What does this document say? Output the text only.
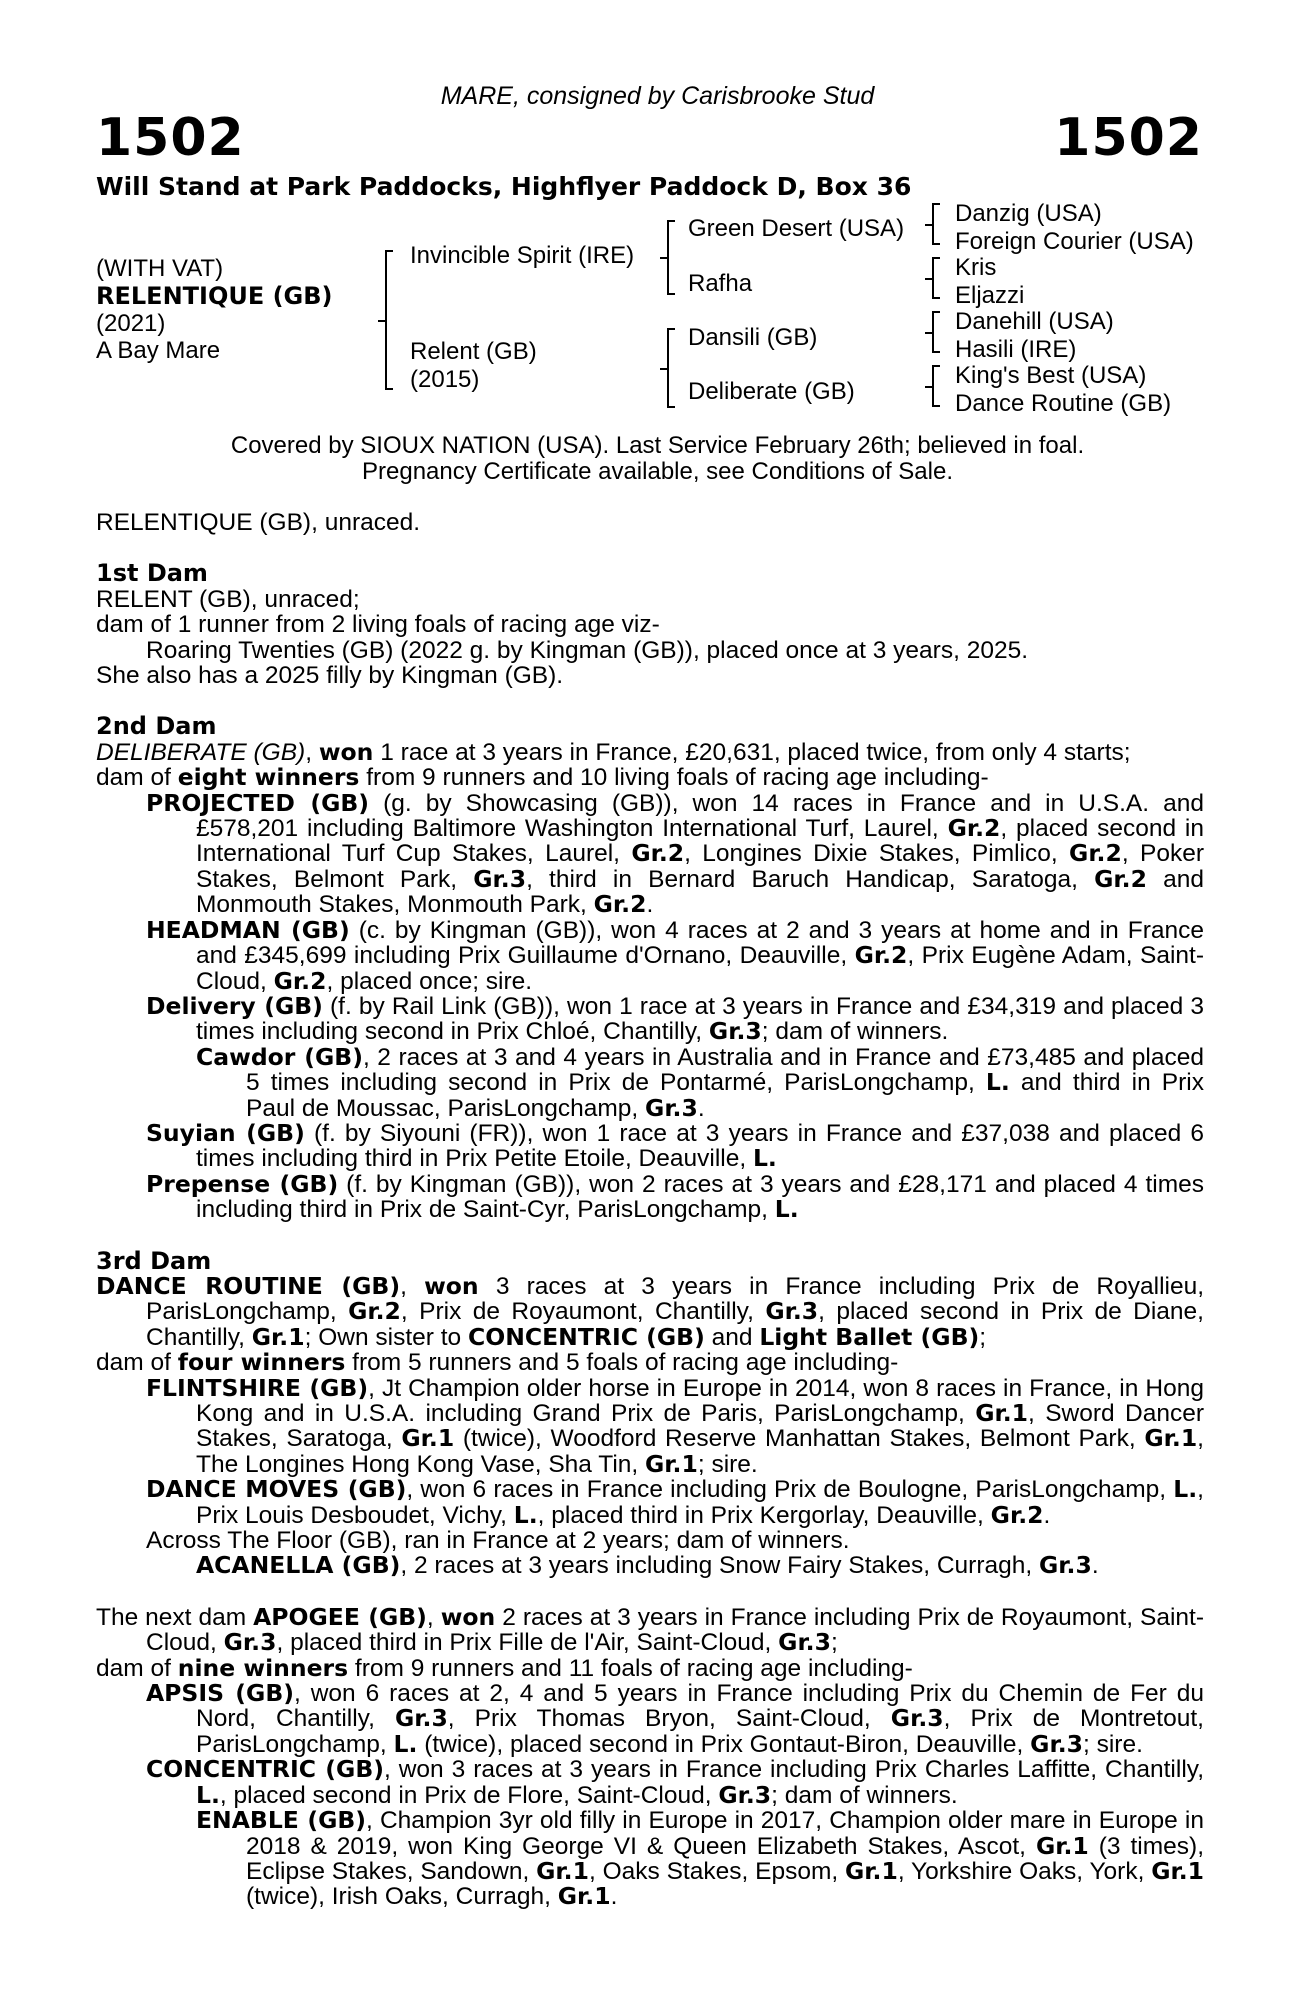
MARE, consigned by Carisbrooke Stud
1502	1502
Will Stand at Park Paddocks, Highflyer Paddock D, Box 36
(WITH VAT)
RELENTIQUE (GB)
(2021)
A Bay Mare
Invincible Spirit (IRE)
Relent (GB)
(2015)
Green Desert (USA)
Rafha
Dansili (GB)
Deliberate (GB)
Danzig (USA)
Foreign Courier (USA)
Kris
Eljazzi
Danehill (USA)
Hasili (IRE)
King's Best (USA)
Dance Routine (GB)
Covered by SIOUX NATION (USA). Last Service February 26th; believed in foal.
Pregnancy Certificate available, see Conditions of Sale.

RELENTIQUE (GB), unraced.

1st Dam

RELENT (GB), unraced;

dam of 1 runner from 2 living foals of racing age viz-

Roaring Twenties (GB) (2022 g. by Kingman (GB)), placed once at 3 years, 2025.

She also has a 2025 filly by Kingman (GB).

2nd Dam

DELIBERATE (GB), won 1 race at 3 years in France, £20,631, placed twice, from only 4 starts;

dam of eight winners from 9 runners and 10 living foals of racing age including-

PROJECTED (GB) (g. by Showcasing (GB)), won 14 races in France and in U.S.A. and £578,201 including Baltimore Washington International Turf, Laurel, Gr.2, placed second in International Turf Cup Stakes, Laurel, Gr.2, Longines Dixie Stakes, Pimlico, Gr.2, Poker Stakes, Belmont Park, Gr.3, third in Bernard Baruch Handicap, Saratoga, Gr.2 and Monmouth Stakes, Monmouth Park, Gr.2.

HEADMAN (GB) (c. by Kingman (GB)), won 4 races at 2 and 3 years at home and in France and £345,699 including Prix Guillaume d'Ornano, Deauville, Gr.2, Prix Eugène Adam, Saint-Cloud, Gr.2, placed once; sire.

Delivery (GB) (f. by Rail Link (GB)), won 1 race at 3 years in France and £34,319 and placed 3 times including second in Prix Chloé, Chantilly, Gr.3; dam of winners.

Cawdor (GB), 2 races at 3 and 4 years in Australia and in France and £73,485 and placed 5 times including second in Prix de Pontarmé, ParisLongchamp, L. and third in Prix Paul de Moussac, ParisLongchamp, Gr.3.

Suyian (GB) (f. by Siyouni (FR)), won 1 race at 3 years in France and £37,038 and placed 6 times including third in Prix Petite Etoile, Deauville, L.

Prepense (GB) (f. by Kingman (GB)), won 2 races at 3 years and £28,171 and placed 4 times including third in Prix de Saint-Cyr, ParisLongchamp, L.

3rd Dam

DANCE ROUTINE (GB), won 3 races at 3 years in France including Prix de Royallieu, ParisLongchamp, Gr.2, Prix de Royaumont, Chantilly, Gr.3, placed second in Prix de Diane, Chantilly, Gr.1; Own sister to CONCENTRIC (GB) and Light Ballet (GB);

dam of four winners from 5 runners and 5 foals of racing age including-

FLINTSHIRE (GB), Jt Champion older horse in Europe in 2014, won 8 races in France, in Hong Kong and in U.S.A. including Grand Prix de Paris, ParisLongchamp, Gr.1, Sword Dancer Stakes, Saratoga, Gr.1 (twice), Woodford Reserve Manhattan Stakes, Belmont Park, Gr.1, The Longines Hong Kong Vase, Sha Tin, Gr.1; sire.

DANCE MOVES (GB), won 6 races in France including Prix de Boulogne, ParisLongchamp, L., Prix Louis Desboudet, Vichy, L., placed third in Prix Kergorlay, Deauville, Gr.2.

Across The Floor (GB), ran in France at 2 years; dam of winners.

ACANELLA (GB), 2 races at 3 years including Snow Fairy Stakes, Curragh, Gr.3.

The next dam APOGEE (GB), won 2 races at 3 years in France including Prix de Royaumont, Saint-Cloud, Gr.3, placed third in Prix Fille de l'Air, Saint-Cloud, Gr.3;

dam of nine winners from 9 runners and 11 foals of racing age including-

APSIS (GB), won 6 races at 2, 4 and 5 years in France including Prix du Chemin de Fer du Nord, Chantilly, Gr.3, Prix Thomas Bryon, Saint-Cloud, Gr.3, Prix de Montretout, ParisLongchamp, L. (twice), placed second in Prix Gontaut-Biron, Deauville, Gr.3; sire.

CONCENTRIC (GB), won 3 races at 3 years in France including Prix Charles Laffitte, Chantilly, L., placed second in Prix de Flore, Saint-Cloud, Gr.3; dam of winners.

ENABLE (GB), Champion 3yr old filly in Europe in 2017, Champion older mare in Europe in 2018 & 2019, won King George VI & Queen Elizabeth Stakes, Ascot, Gr.1 (3 times), Eclipse Stakes, Sandown, Gr.1, Oaks Stakes, Epsom, Gr.1, Yorkshire Oaks, York, Gr.1 (twice), Irish Oaks, Curragh, Gr.1.
